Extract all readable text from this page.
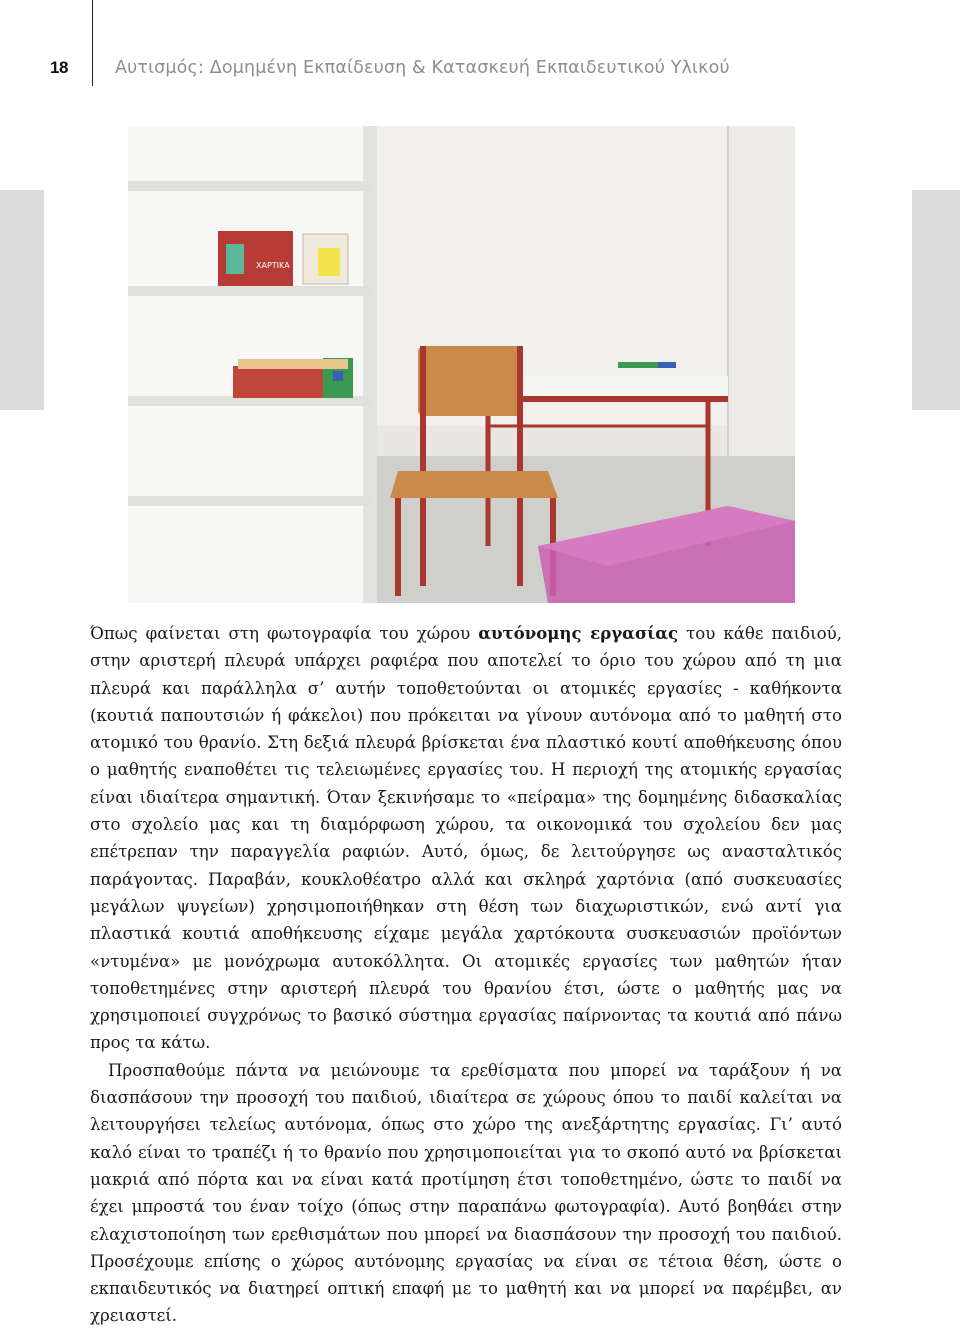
18	Αυτισμός: Δομημένη Εκπαίδευση & Κατασκευή Εκπαιδευτικού Υλικού
ΧΑΡΤΙΚΑ

Όπως φαίνεται στη φωτογραφία του χώρου αυτόνομης εργασίας του κάθε παιδιού, στην αριστερή πλευρά υπάρχει ραφιέρα που αποτελεί το όριο του χώρου από τη μια πλευρά και παράλληλα σ’ αυτήν τοποθετούνται οι ατομικές εργασίες - καθήκοντα (κουτιά παπουτσιών ή φάκελοι) που πρόκειται να γίνουν αυτόνομα από το μαθητή στο ατομικό του θρανίο. Στη δεξιά πλευρά βρίσκεται ένα πλαστικό κουτί αποθήκευσης όπου ο μαθητής εναποθέτει τις τελειωμένες εργασίες του. Η περιοχή της ατομικής εργασίας είναι ιδιαίτερα σημαντική. Όταν ξεκινήσαμε το «πείραμα» της δομημένης διδασκαλίας στο σχολείο μας και τη διαμόρφωση χώρου, τα οικονομικά του σχολείου δεν μας επέτρεπαν την παραγγελία ραφιών. Αυτό, όμως, δε λειτούργησε ως ανασταλτικός παράγοντας. Παραβάν, κουκλοθέατρο αλλά και σκληρά χαρτόνια (από συσκευασίες μεγάλων ψυγείων) χρησιμοποιήθηκαν στη θέση των διαχωριστικών, ενώ αντί για πλαστικά κουτιά αποθήκευσης είχαμε μεγάλα χαρτόκουτα συσκευασιών προϊόντων «ντυμένα» με μονόχρωμα αυτοκόλλητα. Οι ατομικές εργασίες των μαθητών ήταν τοποθετημένες στην αριστερή πλευρά του θρανίου έτσι, ώστε ο μαθητής μας να χρησιμοποιεί συγχρόνως το βασικό σύστημα εργασίας παίρνοντας τα κουτιά από πάνω προς τα κάτω.

Προσπαθούμε πάντα να μειώνουμε τα ερεθίσματα που μπορεί να ταράξουν ή να διασπάσουν την προσοχή του παιδιού, ιδιαίτερα σε χώρους όπου το παιδί καλείται να λειτουργήσει τελείως αυτόνομα, όπως στο χώρο της ανεξάρτητης εργασίας. Γι’ αυτό καλό είναι το τραπέζι ή το θρανίο που χρησιμοποιείται για το σκοπό αυτό να βρίσκεται μακριά από πόρτα και να είναι κατά προτίμηση έτσι τοποθετημένο, ώστε το παιδί να έχει μπροστά του έναν τοίχο (όπως στην παραπάνω φωτογραφία). Αυτό βοηθάει στην ελαχιστοποίηση των ερεθισμάτων που μπορεί να διασπάσουν την προσοχή του παιδιού. Προσέχουμε επίσης ο χώρος αυτόνομης εργασίας να είναι σε τέτοια θέση, ώστε ο εκπαιδευτικός να διατηρεί οπτική επαφή με το μαθητή και να μπορεί να παρέμβει, αν χρειαστεί.
